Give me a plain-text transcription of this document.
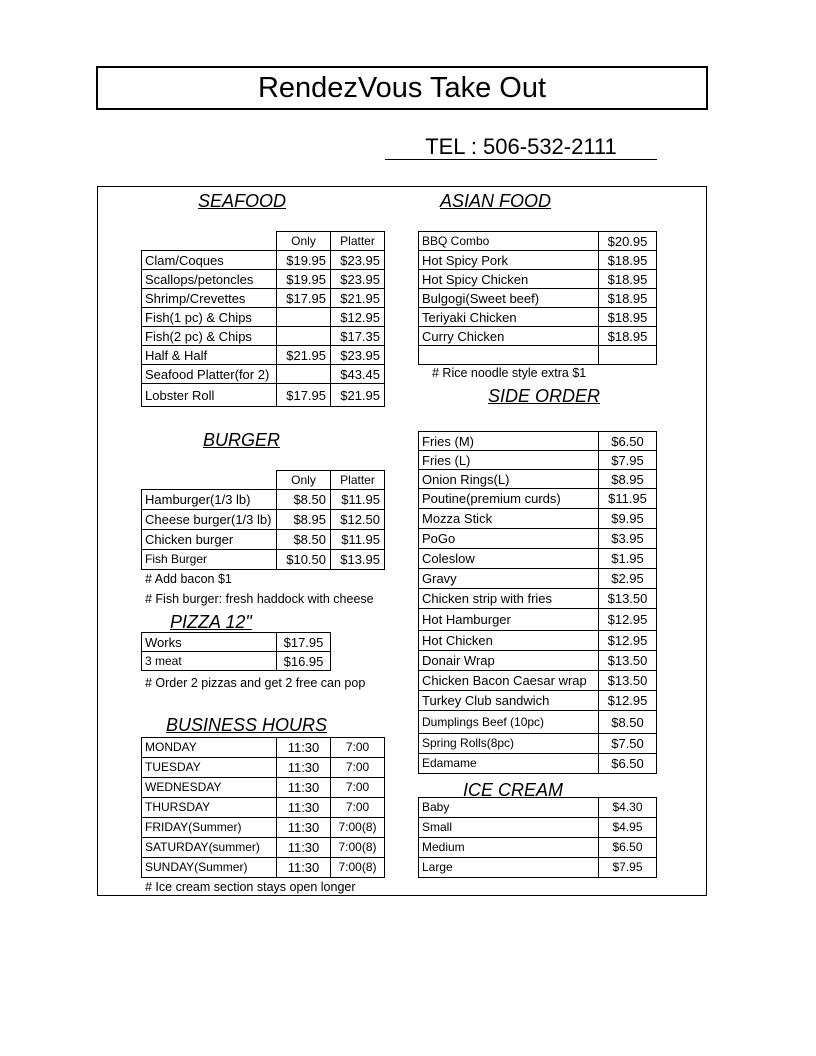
RendezVous Take Out
TEL : 506-532-2111
SEAFOOD
	Only	Platter
Clam/Coques	$19.95	$23.95
Scallops/petoncles	$19.95	$23.95
Shrimp/Crevettes	$17.95	$21.95
Fish(1 pc) & Chips		$12.95
Fish(2 pc) & Chips		$17.35
Half & Half	$21.95	$23.95
Seafood Platter(for 2)		$43.45
Lobster Roll	$17.95	$21.95
ASIAN FOOD
BBQ Combo	$20.95
Hot Spicy Pork	$18.95
Hot Spicy Chicken	$18.95
Bulgogi(Sweet beef)	$18.95
Teriyaki Chicken	$18.95
Curry Chicken	$18.95

# Rice noodle style extra $1
SIDE ORDER
Fries (M)	$6.50
Fries (L)	$7.95
Onion Rings(L)	$8.95
Poutine(premium curds)	$11.95
Mozza Stick	$9.95
PoGo	$3.95
Coleslow	$1.95
Gravy	$2.95
Chicken strip with fries	$13.50
Hot Hamburger	$12.95
Hot Chicken	$12.95
Donair Wrap	$13.50
Chicken Bacon Caesar wrap	$13.50
Turkey Club sandwich	$12.95
Dumplings Beef (10pc)	$8.50
Spring Rolls(8pc)	$7.50
Edamame	$6.50
BURGER
	Only	Platter
Hamburger(1/3 lb)	$8.50	$11.95
Cheese burger(1/3 lb)	$8.95	$12.50
Chicken burger	$8.50	$11.95
Fish Burger	$10.50	$13.95
# Add bacon $1
# Fish burger: fresh haddock with cheese
PIZZA 12"
Works	$17.95
3 meat	$16.95
# Order 2 pizzas and get 2 free can pop
BUSINESS HOURS
MONDAY	11:30	7:00
TUESDAY	11:30	7:00
WEDNESDAY	11:30	7:00
THURSDAY	11:30	7:00
FRIDAY(Summer)	11:30	7:00(8)
SATURDAY(summer)	11:30	7:00(8)
SUNDAY(Summer)	11:30	7:00(8)
# Ice cream section stays open longer
ICE CREAM
Baby	$4.30
Small	$4.95
Medium	$6.50
Large	$7.95
